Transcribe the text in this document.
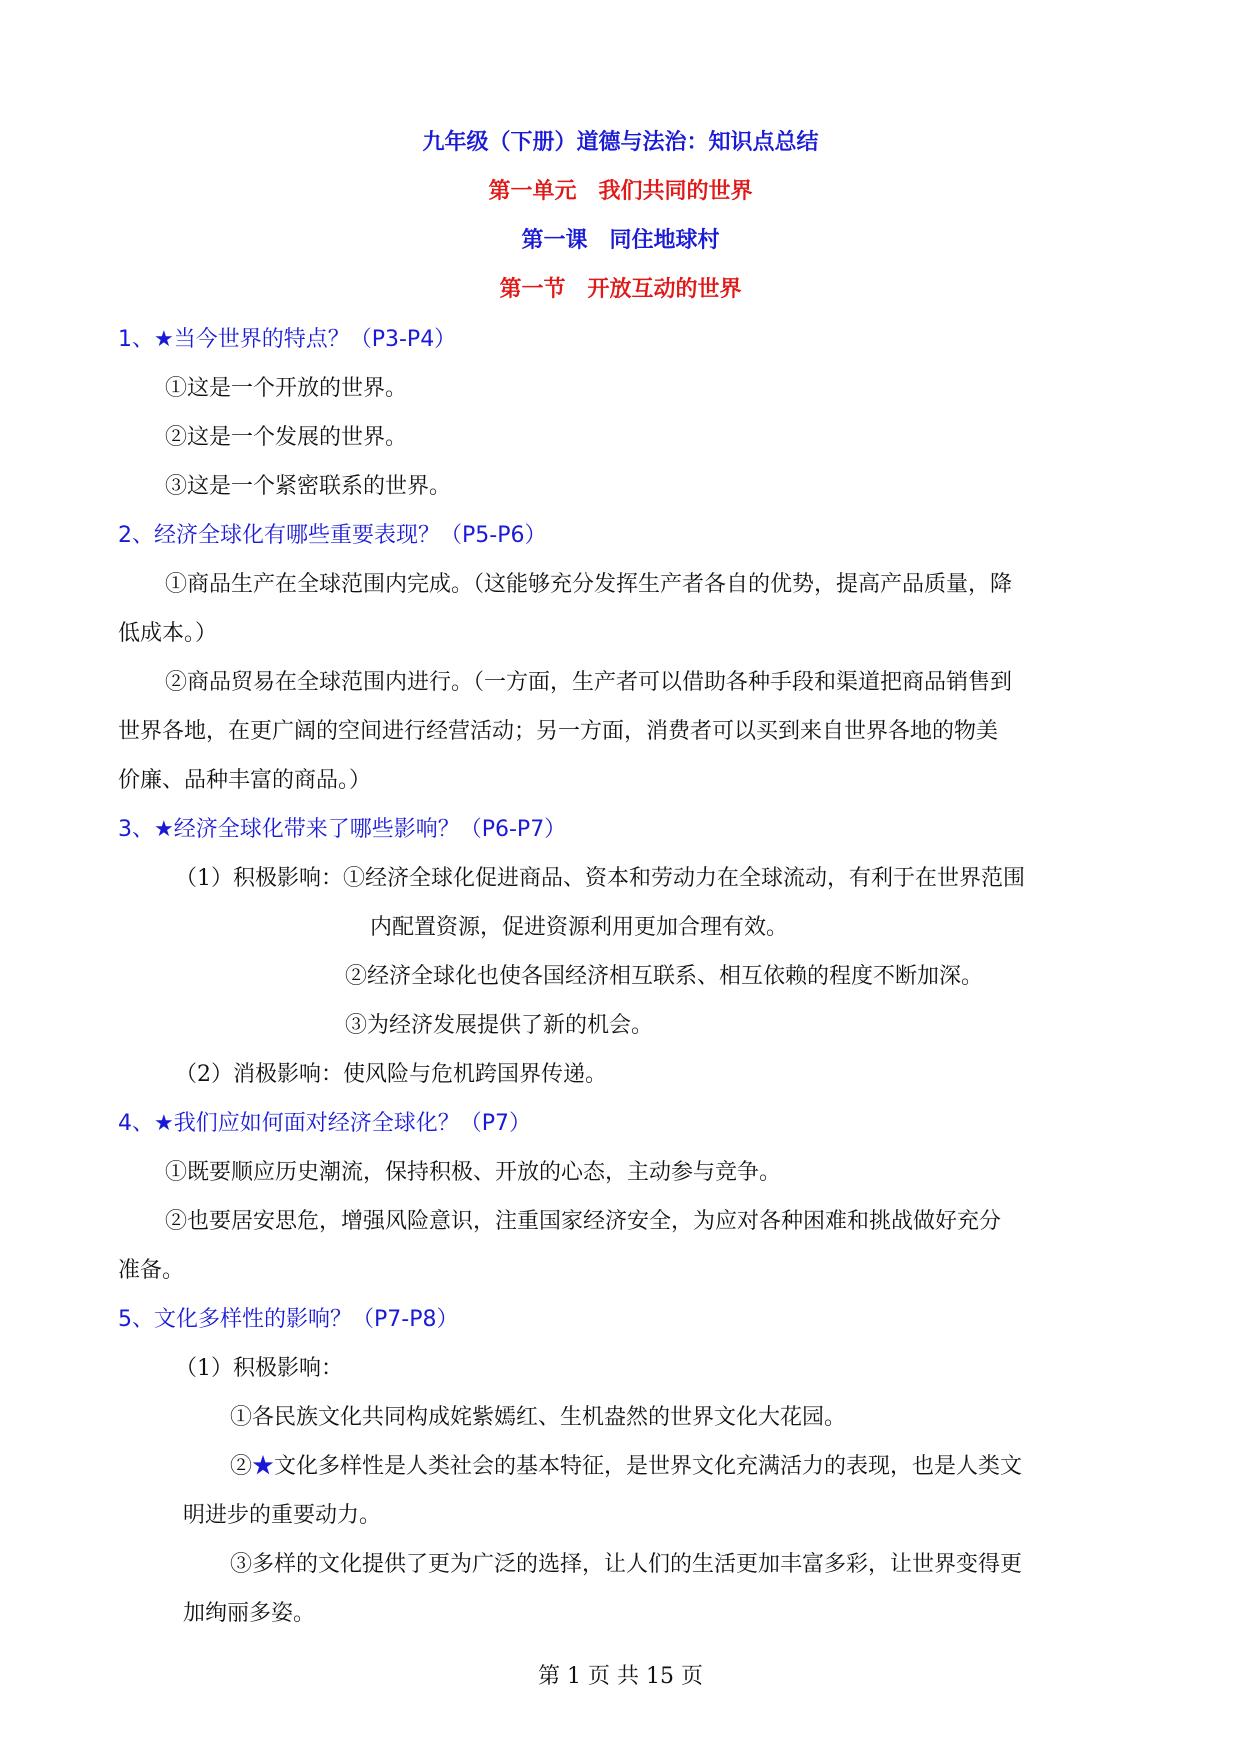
九年级（下册）道德与法治：知识点总结
第一单元　我们共同的世界
第一课　同住地球村
第一节　开放互动的世界
1、★当今世界的特点？（P3-P4）
①这是一个开放的世界。
②这是一个发展的世界。
③这是一个紧密联系的世界。
2、经济全球化有哪些重要表现？（P5-P6）
①商品生产在全球范围内完成。（这能够充分发挥生产者各自的优势，提高产品质量，降
低成本。）
②商品贸易在全球范围内进行。（一方面，生产者可以借助各种手段和渠道把商品销售到
世界各地，在更广阔的空间进行经营活动；另一方面，消费者可以买到来自世界各地的物美
价廉、品种丰富的商品。）
3、★经济全球化带来了哪些影响？（P6-P7）
（1）积极影响：①经济全球化促进商品、资本和劳动力在全球流动，有利于在世界范围
内配置资源，促进资源利用更加合理有效。
②经济全球化也使各国经济相互联系、相互依赖的程度不断加深。
③为经济发展提供了新的机会。
（2）消极影响：使风险与危机跨国界传递。
4、★我们应如何面对经济全球化？（P7）
①既要顺应历史潮流，保持积极、开放的心态，主动参与竞争。
②也要居安思危，增强风险意识，注重国家经济安全，为应对各种困难和挑战做好充分
准备。
5、文化多样性的影响？（P7-P8）
（1）积极影响：
①各民族文化共同构成姹紫嫣红、生机盎然的世界文化大花园。
②★文化多样性是人类社会的基本特征，是世界文化充满活力的表现，也是人类文
明进步的重要动力。
③多样的文化提供了更为广泛的选择，让人们的生活更加丰富多彩，让世界变得更
加绚丽多姿。
第 1 页 共 15 页
